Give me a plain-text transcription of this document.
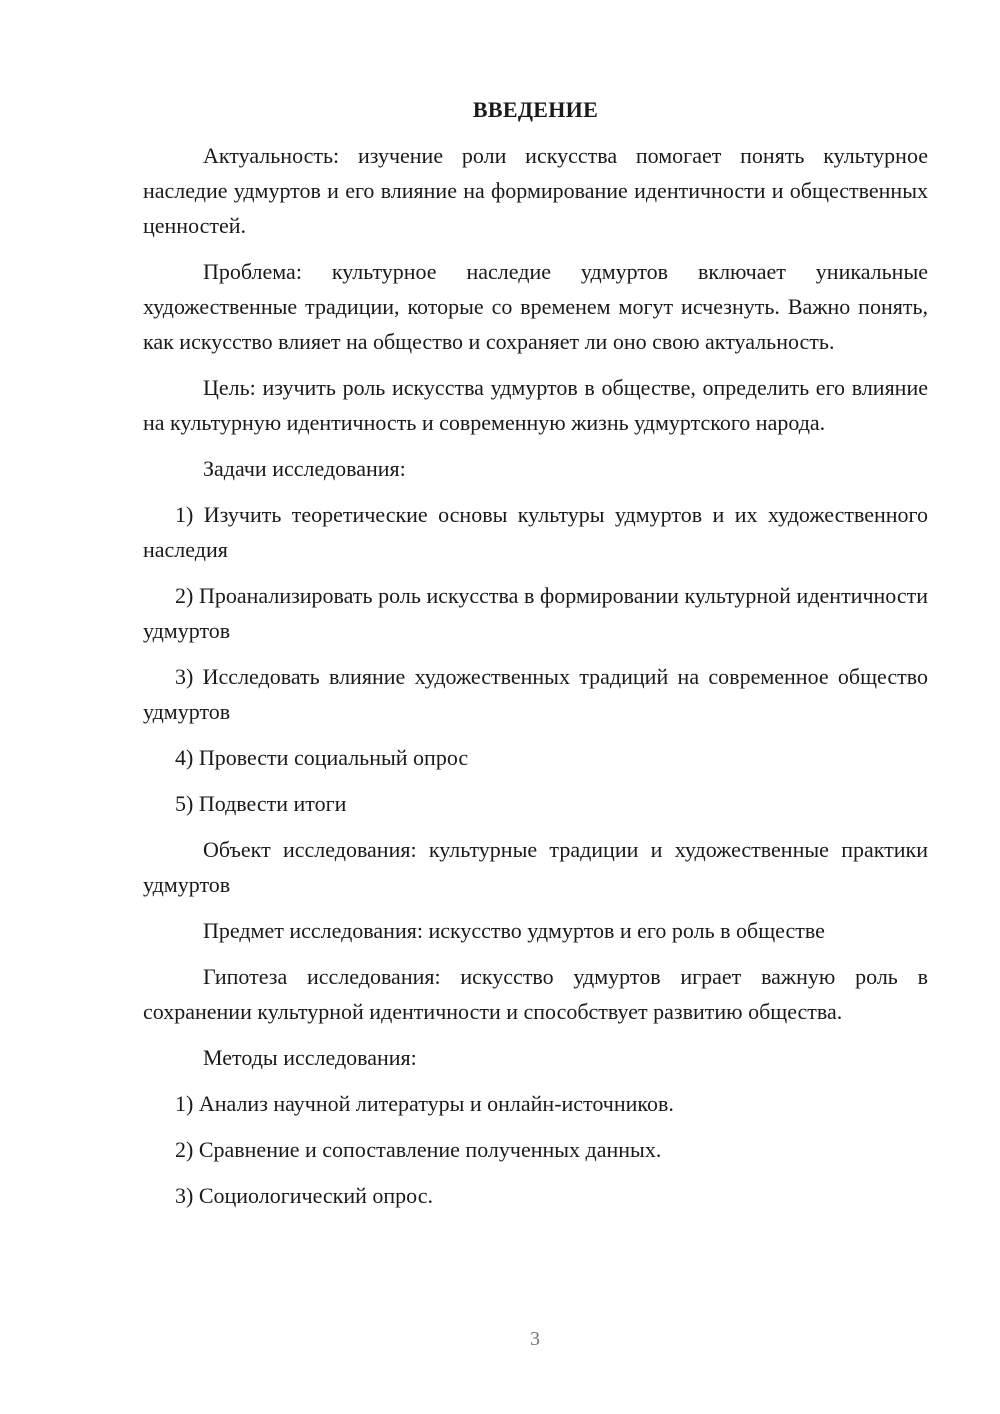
ВВЕДЕНИЕ

Актуальность: изучение роли искусства помогает понять культурное наследие удмуртов и его влияние на формирование идентичности и общественных ценностей.

Проблема: культурное наследие удмуртов включает уникальные художественные традиции, которые со временем могут исчезнуть. Важно понять, как искусство влияет на общество и сохраняет ли оно свою актуальность.

Цель: изучить роль искусства удмуртов в обществе, определить его влияние на культурную идентичность и современную жизнь удмуртского народа.

Задачи исследования:

1) Изучить теоретические основы культуры удмуртов и их художественного наследия

2) Проанализировать роль искусства в формировании культурной идентичности удмуртов

3) Исследовать влияние художественных традиций на современное общество удмуртов

4) Провести социальный опрос

5) Подвести итоги

Объект исследования: культурные традиции и художественные практики удмуртов

Предмет исследования: искусство удмуртов и его роль в обществе

Гипотеза исследования: искусство удмуртов играет важную роль в сохранении культурной идентичности и способствует развитию общества.

Методы исследования:

1) Анализ научной литературы и онлайн-источников.

2) Сравнение и сопоставление полученных данных.

3) Социологический опрос.

3
